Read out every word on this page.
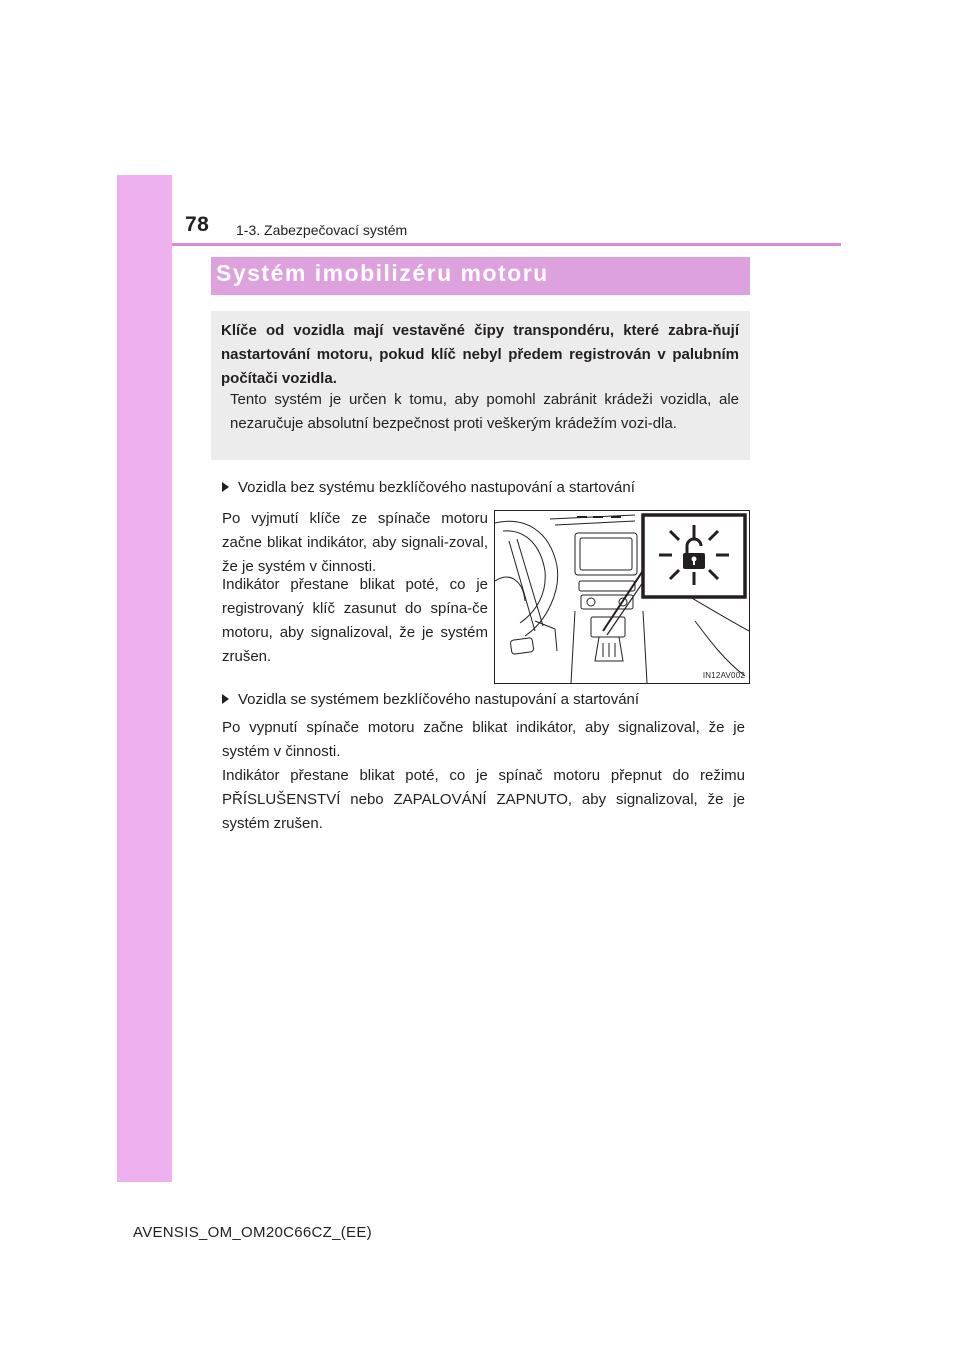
78 1-3. Zabezpečovací systém
Systém imobilizéru motoru
Klíče od vozidla mají vestavěné čipy transpondéru, které zabra-ňují nastartování motoru, pokud klíč nebyl předem registrován v palubním počítači vozidla.
Tento systém je určen k tomu, aby pomohl zabránit krádeži vozidla, ale nezaručuje absolutní bezpečnost proti veškerým krádežím vozi-dla.
Vozidla bez systému bezklíčového nastupování a startování
Po vyjmutí klíče ze spínače motoru začne blikat indikátor, aby signali-zoval, že je systém v činnosti.
Indikátor přestane blikat poté, co je registrovaný klíč zasunut do spína-če motoru, aby signalizoval, že je systém zrušen.
IN12AV002
Vozidla se systémem bezklíčového nastupování a startování
Po vypnutí spínače motoru začne blikat indikátor, aby signalizoval, že je systém v činnosti.
Indikátor přestane blikat poté, co je spínač motoru přepnut do režimu PŘÍSLUŠENSTVÍ nebo ZAPALOVÁNÍ ZAPNUTO, aby signalizoval, že je systém zrušen.
AVENSIS_OM_OM20C66CZ_(EE)
